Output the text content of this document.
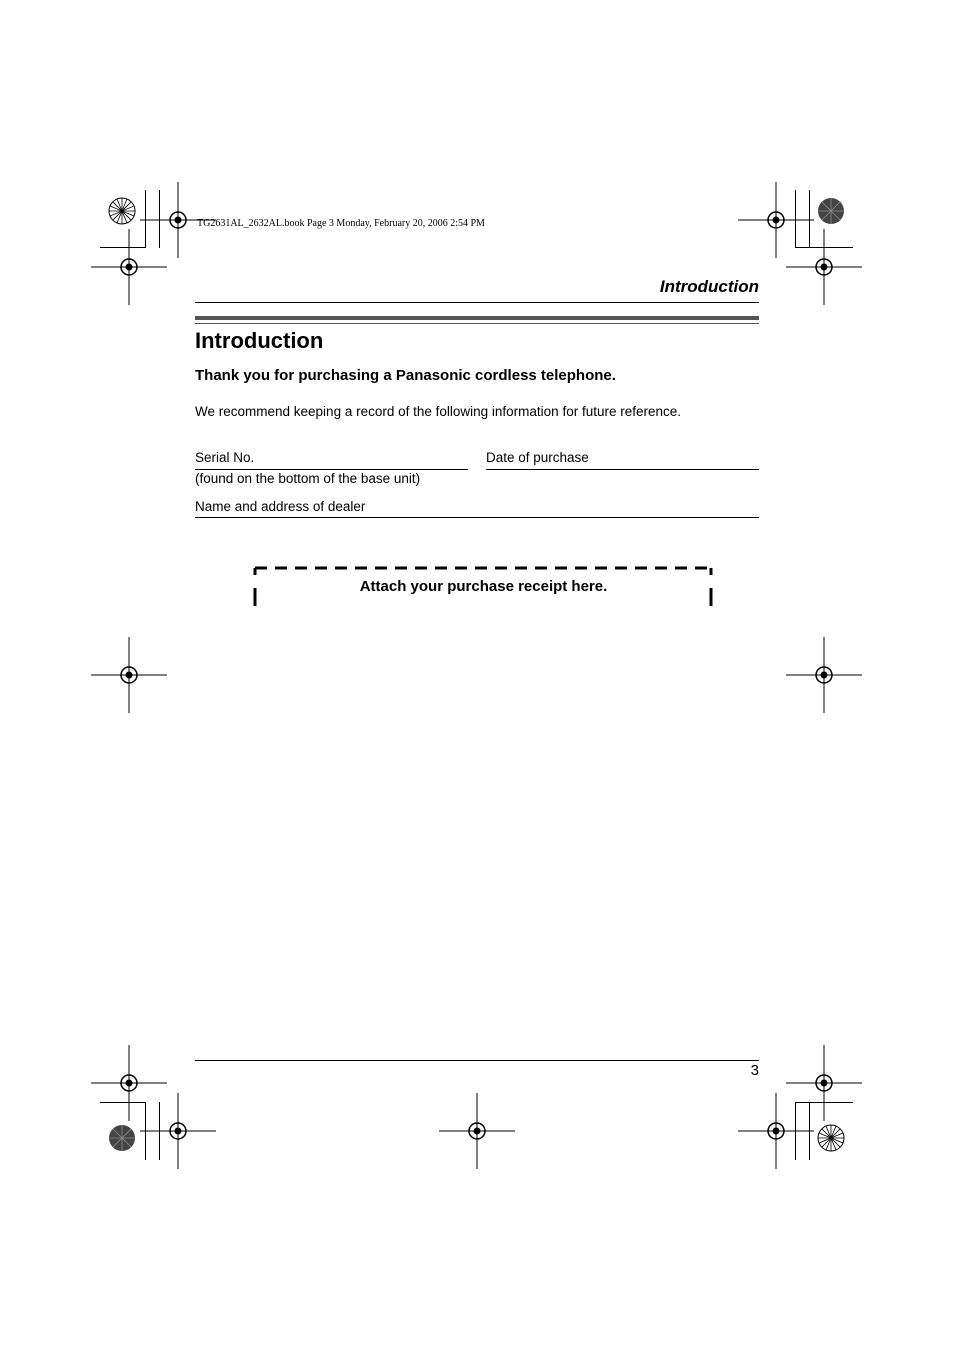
TG2631AL_2632AL.book Page 3 Monday, February 20, 2006 2:54 PM
Introduction
Introduction
Thank you for purchasing a Panasonic cordless telephone.
We recommend keeping a record of the following information for future reference.
Serial No.
(found on the bottom of the base unit)
Date of purchase
Name and address of dealer
Attach your purchase receipt here.
3
